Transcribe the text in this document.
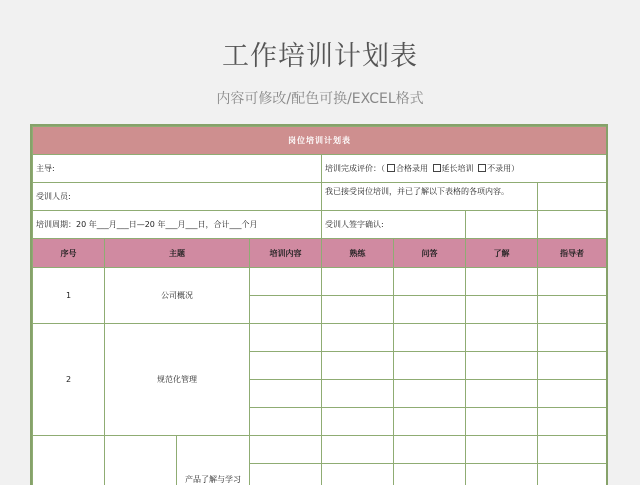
工作培训计划表
内容可修改/配色可换/EXCEL格式
岗位培训计划表							
主导:				培训完成评价：（ 合格录用 延长培训 不录用）			
受训人员:				我已接受岗位培训，并已了解以下表格的各项内容。			
培训周期：20 年___月___日—20 年___月___日，合计___个月				受训人签字确认:			
序号	主题		培训内容	熟练	问答	了解	指导者
1	公司概况						

2	规范化管理						

		产品了解与学习					
